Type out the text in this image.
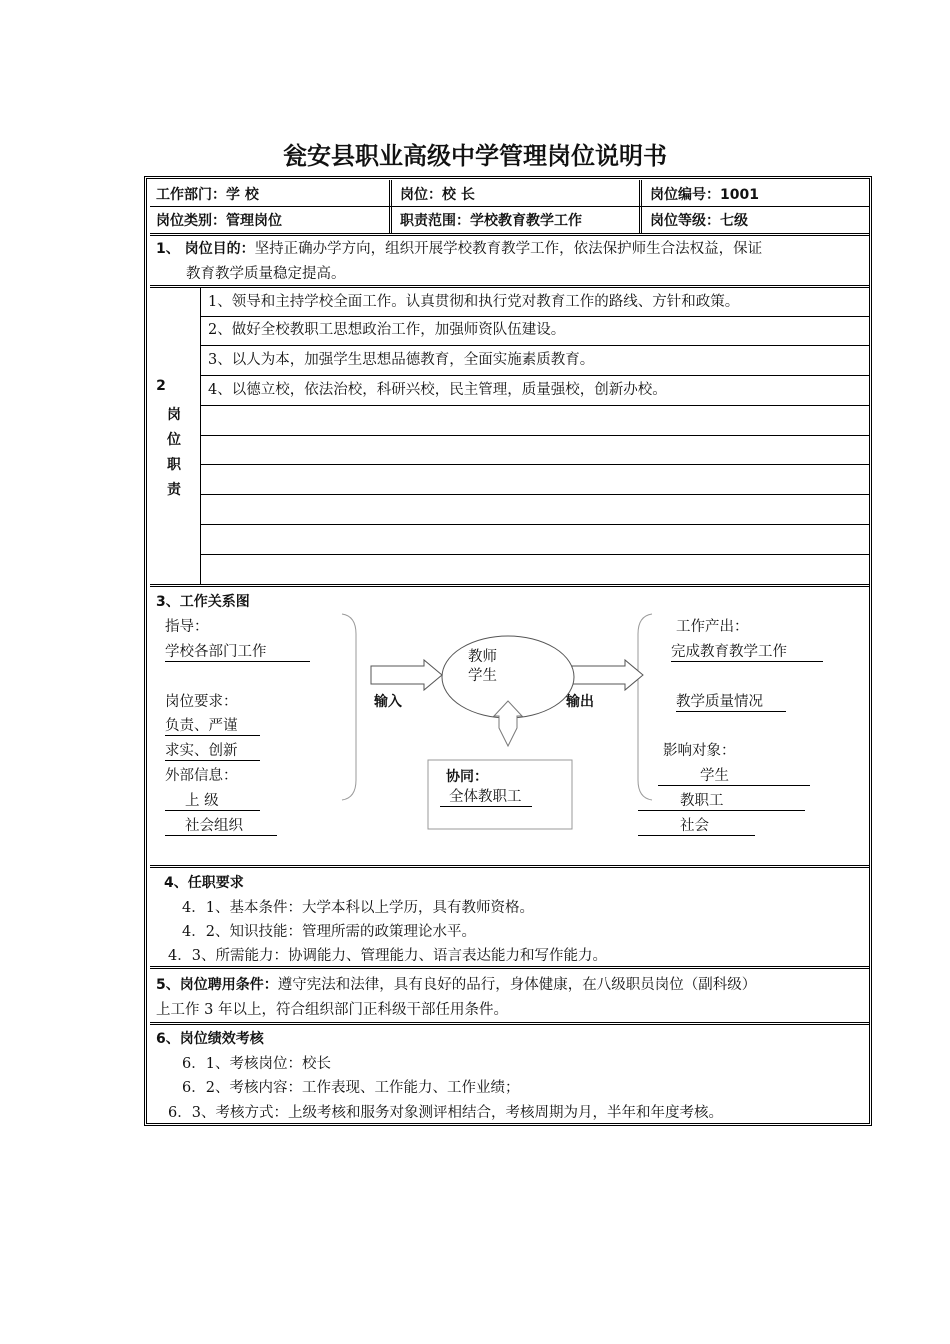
瓮安县职业高级中学管理岗位说明书
工作部门：学 校	岗位：校 长	岗位编号：1001
岗位类别：管理岗位	职责范围：学校教育教学工作	岗位等级：七级
1、 岗位目的：坚持正确办学方向，组织开展学校教育教学工作，依法保护师生合法权益，保证
教育教学质量稳定提高。
2
岗
位
职
责
1、领导和主持学校全面工作。认真贯彻和执行党对教育工作的路线、方针和政策。
2、做好全校教职工思想政治工作，加强师资队伍建设。
3、以人为本，加强学生思想品德教育，全面实施素质教育。
4、以德立校，依法治校，科研兴校，民主管理，质量强校，创新办校。
3、工作关系图
指导：
学校各部门工作
岗位要求：
负责、严谨
求实、创新
外部信息：
上 级
社会组织
输入
教师
学生
输出
协同：
全体教职工
工作产出：
完成教育教学工作
教学质量情况
影响对象：
学生
教职工
社会
4、任职要求
4．1、基本条件：大学本科以上学历，具有教师资格。
4．2、知识技能：管理所需的政策理论水平。
4．3、所需能力：协调能力、管理能力、语言表达能力和写作能力。
5、岗位聘用条件：遵守宪法和法律，具有良好的品行，身体健康，在八级职员岗位（副科级）
上工作 3 年以上，符合组织部门正科级干部任用条件。
6、岗位绩效考核
6．1、考核岗位：校长
6．2、考核内容：工作表现、工作能力、工作业绩；
6．3、考核方式：上级考核和服务对象测评相结合，考核周期为月，半年和年度考核。
